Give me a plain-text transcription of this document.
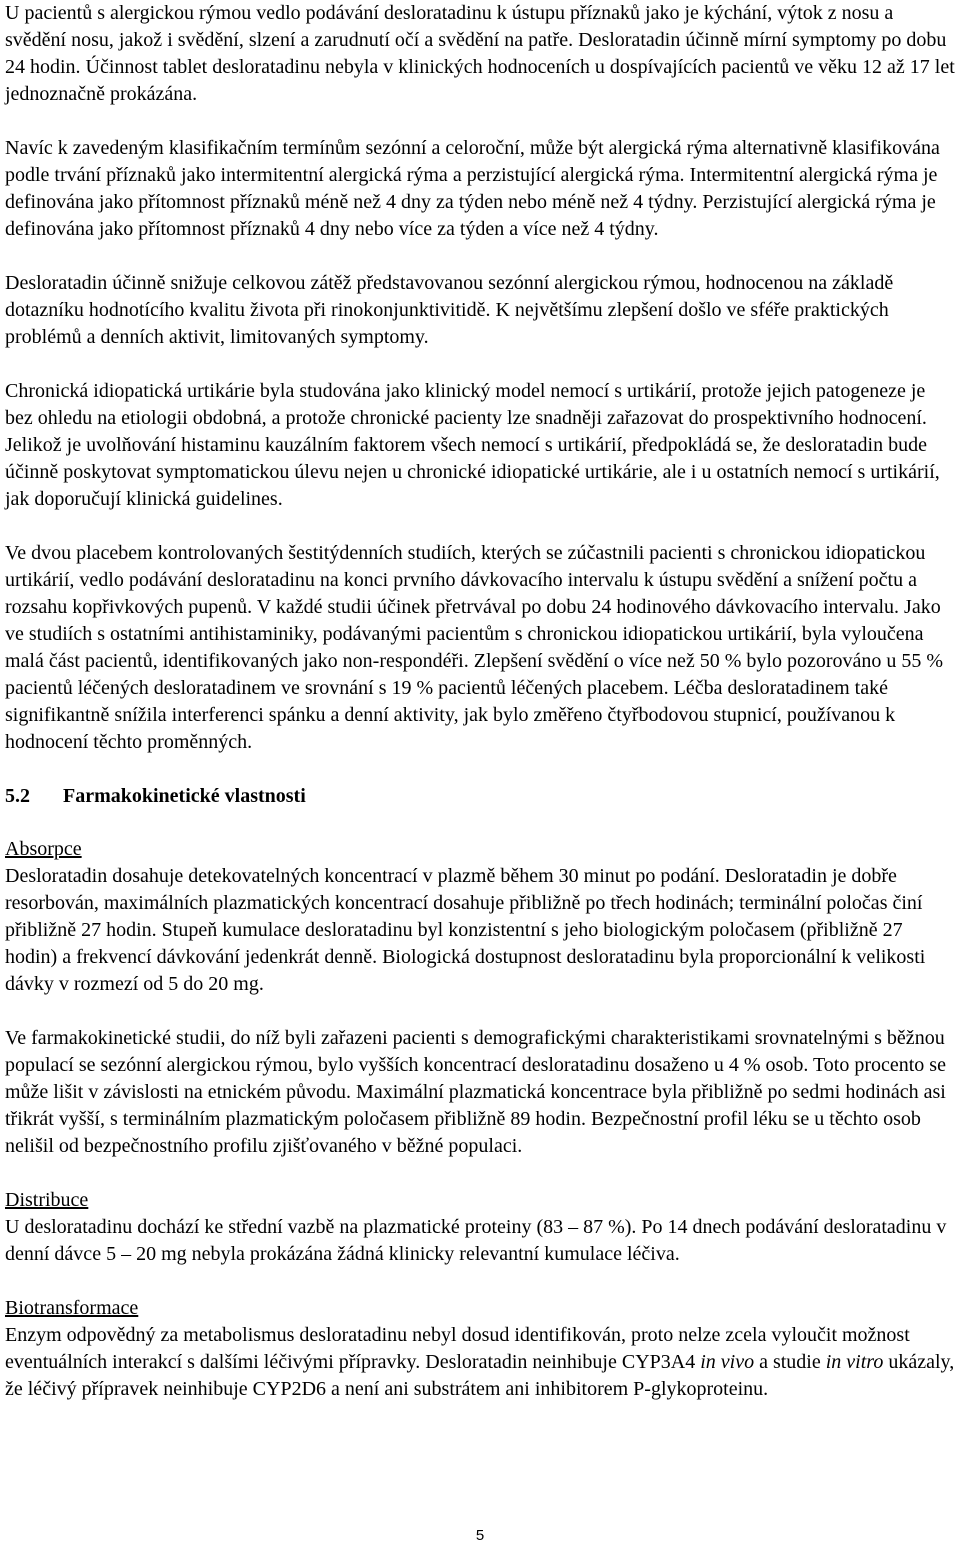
U pacientů s alergickou rýmou vedlo podávání desloratadinu k ústupu příznaků jako je kýchání, výtok z nosu a svědění nosu, jakož i svědění, slzení a zarudnutí očí a svědění na patře. Desloratadin účinně mírní symptomy po dobu 24 hodin. Účinnost tablet desloratadinu nebyla v klinických hodnoceních u dospívajících pacientů ve věku 12 až 17 let jednoznačně prokázána.

Navíc k zavedeným klasifikačním termínům sezónní a celoroční, může být alergická rýma alternativně klasifikována podle trvání příznaků jako intermitentní alergická rýma a perzistující alergická rýma. Intermitentní alergická rýma je definována jako přítomnost příznaků méně než 4 dny za týden nebo méně než 4 týdny. Perzistující alergická rýma je definována jako přítomnost příznaků 4 dny nebo více za týden a více než 4 týdny.

Desloratadin účinně snižuje celkovou zátěž představovanou sezónní alergickou rýmou, hodnocenou na základě dotazníku hodnotícího kvalitu života při rinokonjunktivitidě. K největšímu zlepšení došlo ve sféře praktických problémů a denních aktivit, limitovaných symptomy.

Chronická idiopatická urtikárie byla studována jako klinický model nemocí s urtikárií, protože jejich patogeneze je bez ohledu na etiologii obdobná, a protože chronické pacienty lze snadněji zařazovat do prospektivního hodnocení. Jelikož je uvolňování histaminu kauzálním faktorem všech nemocí s urtikárií, předpokládá se, že desloratadin bude účinně poskytovat symptomatickou úlevu nejen u chronické idiopatické urtikárie, ale i u ostatních nemocí s urtikárií, jak doporučují klinická guidelines.

Ve dvou placebem kontrolovaných šestitýdenních studiích, kterých se zúčastnili pacienti s chronickou idiopatickou urtikárií, vedlo podávání desloratadinu na konci prvního dávkovacího intervalu k ústupu svědění a snížení počtu a rozsahu kopřivkových pupenů. V každé studii účinek přetrvával po dobu 24 hodinového dávkovacího intervalu. Jako ve studiích s ostatními antihistaminiky, podávanými pacientům s chronickou idiopatickou urtikárií, byla vyloučena malá část pacientů, identifikovaných jako non-respondéři. Zlepšení svědění o více než 50 % bylo pozorováno u 55 % pacientů léčených desloratadinem ve srovnání s 19 % pacientů léčených placebem. Léčba desloratadinem také signifikantně snížila interferenci spánku a denní aktivity, jak bylo změřeno čtyřbodovou stupnicí, používanou k hodnocení těchto proměnných.

5.2	Farmakokinetické vlastnosti
Absorpce

Desloratadin dosahuje detekovatelných koncentrací v plazmě během 30 minut po podání. Desloratadin je dobře resorbován, maximálních plazmatických koncentrací dosahuje přibližně po třech hodinách; terminální poločas činí přibližně 27 hodin. Stupeň kumulace desloratadinu byl konzistentní s jeho biologickým poločasem (přibližně 27 hodin) a frekvencí dávkování jedenkrát denně. Biologická dostupnost desloratadinu byla proporcionální k velikosti dávky v rozmezí od 5 do 20 mg.

Ve farmakokinetické studii, do níž byli zařazeni pacienti s demografickými charakteristikami srovnatelnými s běžnou populací se sezónní alergickou rýmou, bylo vyšších koncentrací desloratadinu dosaženo u 4 % osob. Toto procento se může lišit v závislosti na etnickém původu. Maximální plazmatická koncentrace byla přibližně po sedmi hodinách asi třikrát vyšší, s terminálním plazmatickým poločasem přibližně 89 hodin. Bezpečnostní profil léku se u těchto osob nelišil od bezpečnostního profilu zjišťovaného v běžné populaci.

Distribuce

U desloratadinu dochází ke střední vazbě na plazmatické proteiny (83 – 87 %). Po 14 dnech podávání desloratadinu v denní dávce 5 – 20 mg nebyla prokázána žádná klinicky relevantní kumulace léčiva.

Biotransformace

Enzym odpovědný za metabolismus desloratadinu nebyl dosud identifikován, proto nelze zcela vyloučit možnost eventuálních interakcí s dalšími léčivými přípravky. Desloratadin neinhibuje CYP3A4 in vivo a studie in vitro ukázaly, že léčivý přípravek neinhibuje CYP2D6 a není ani substrátem ani inhibitorem P-glykoproteinu.

5
